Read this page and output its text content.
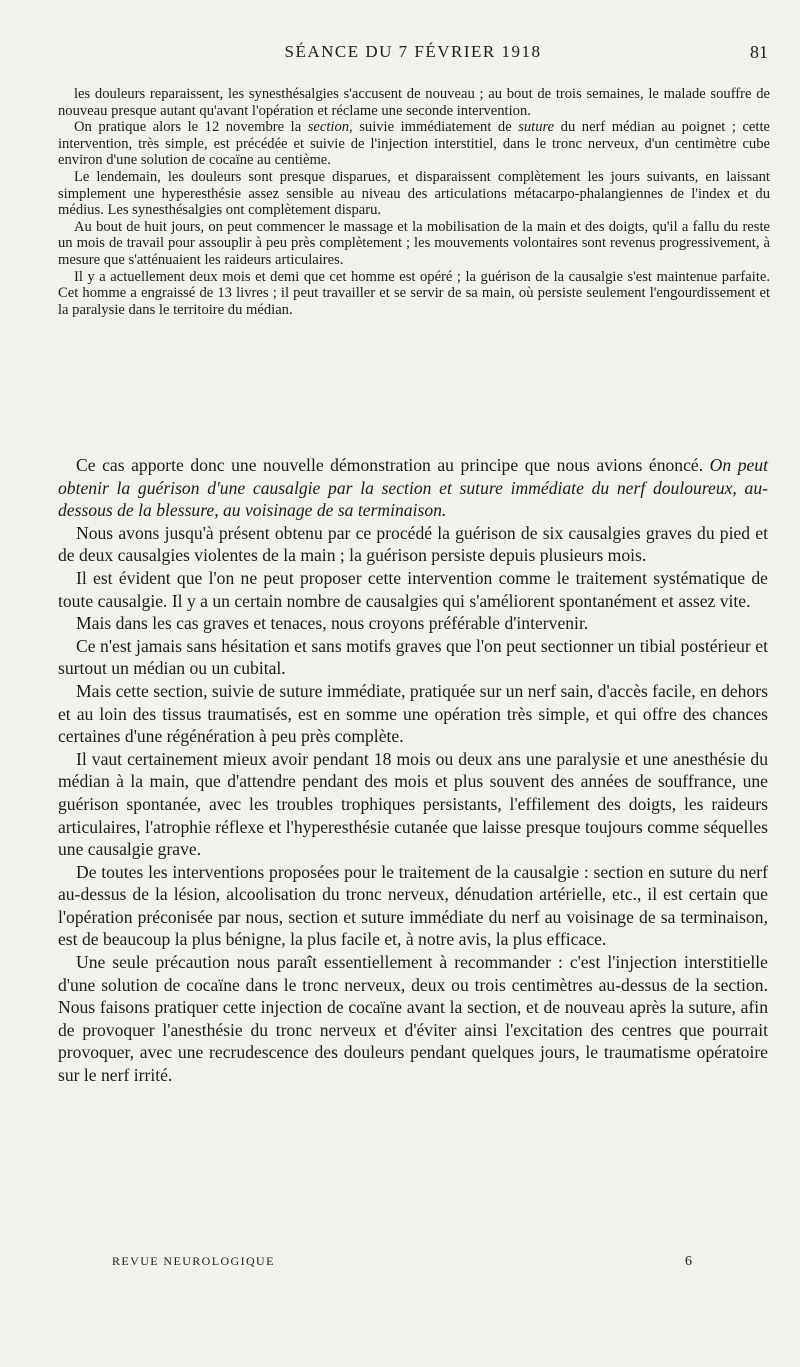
SÉANCE DU 7 FÉVRIER 1918	81

les douleurs reparaissent, les synesthésalgies s'accusent de nouveau ; au bout de trois semaines, le malade souffre de nouveau presque autant qu'avant l'opération et réclame une seconde intervention.

On pratique alors le 12 novembre la section, suivie immédiatement de suture du nerf médian au poignet ; cette intervention, très simple, est précédée et suivie de l'injection interstitiel, dans le tronc nerveux, d'un centimètre cube environ d'une solution de cocaïne au centième.

Le lendemain, les douleurs sont presque disparues, et disparaissent complètement les jours suivants, en laissant simplement une hyperesthésie assez sensible au niveau des articulations métacarpo-phalangiennes de l'index et du médius. Les synesthésalgies ont complètement disparu.

Au bout de huit jours, on peut commencer le massage et la mobilisation de la main et des doigts, qu'il a fallu du reste un mois de travail pour assouplir à peu près complètement ; les mouvements volontaires sont revenus progressivement, à mesure que s'atténuaient les raideurs articulaires.

Il y a actuellement deux mois et demi que cet homme est opéré ; la guérison de la causalgie s'est maintenue parfaite. Cet homme a engraissé de 13 livres ; il peut travailler et se servir de sa main, où persiste seulement l'engourdissement et la paralysie dans le territoire du médian.

Ce cas apporte donc une nouvelle démonstration au principe que nous avions énoncé. On peut obtenir la guérison d'une causalgie par la section et suture immédiate du nerf douloureux, au-dessous de la blessure, au voisinage de sa terminaison.

Nous avons jusqu'à présent obtenu par ce procédé la guérison de six causalgies graves du pied et de deux causalgies violentes de la main ; la guérison persiste depuis plusieurs mois.

Il est évident que l'on ne peut proposer cette intervention comme le traitement systématique de toute causalgie. Il y a un certain nombre de causalgies qui s'améliorent spontanément et assez vite.

Mais dans les cas graves et tenaces, nous croyons préférable d'intervenir.

Ce n'est jamais sans hésitation et sans motifs graves que l'on peut sectionner un tibial postérieur et surtout un médian ou un cubital.

Mais cette section, suivie de suture immédiate, pratiquée sur un nerf sain, d'accès facile, en dehors et au loin des tissus traumatisés, est en somme une opération très simple, et qui offre des chances certaines d'une régénération à peu près complète.

Il vaut certainement mieux avoir pendant 18 mois ou deux ans une paralysie et une anesthésie du médian à la main, que d'attendre pendant des mois et plus souvent des années de souffrance, une guérison spontanée, avec les troubles trophiques persistants, l'effilement des doigts, les raideurs articulaires, l'atrophie réflexe et l'hyperesthésie cutanée que laisse presque toujours comme séquelles une causalgie grave.

De toutes les interventions proposées pour le traitement de la causalgie : section en suture du nerf au-dessus de la lésion, alcoolisation du tronc nerveux, dénudation artérielle, etc., il est certain que l'opération préconisée par nous, section et suture immédiate du nerf au voisinage de sa terminaison, est de beaucoup la plus bénigne, la plus facile et, à notre avis, la plus efficace.

Une seule précaution nous paraît essentiellement à recommander : c'est l'injection interstitielle d'une solution de cocaïne dans le tronc nerveux, deux ou trois centimètres au-dessus de la section. Nous faisons pratiquer cette injection de cocaïne avant la section, et de nouveau après la suture, afin de provoquer l'anesthésie du tronc nerveux et d'éviter ainsi l'excitation des centres que pourrait provoquer, avec une recrudescence des douleurs pendant quelques jours, le traumatisme opératoire sur le nerf irrité.

REVUE NEUROLOGIQUE	6
